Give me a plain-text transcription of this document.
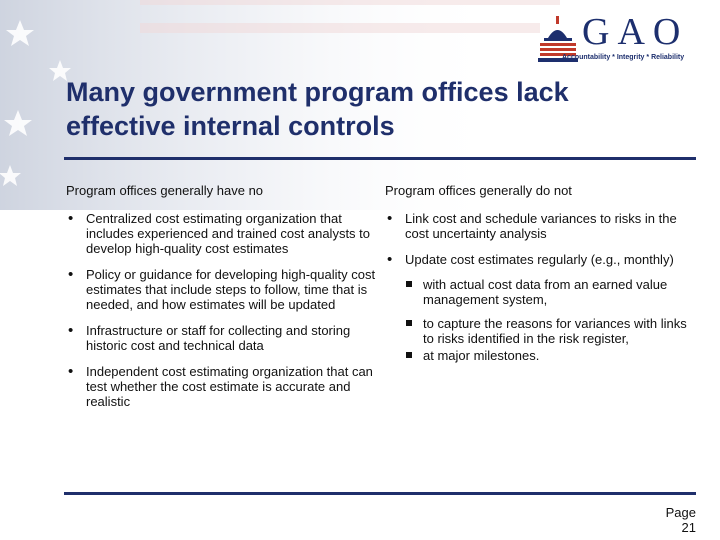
GAO
Accountability * Integrity * Reliability
Many government program offices lack effective internal controls
Program offices generally have no
• Centralized cost estimating organization that includes experienced and trained cost analysts to develop high-quality cost estimates
• Policy or guidance for developing high-quality cost estimates that include steps to follow, time that is needed, and how estimates will be updated
• Infrastructure or staff for collecting and storing historic cost and technical data
• Independent cost estimating organization that can test whether the cost estimate is accurate and realistic
Program offices generally do not
• Link cost and schedule variances to risks in the cost uncertainty analysis
• Update cost estimates regularly (e.g., monthly)
with actual cost data from an earned value management system,
to capture the reasons for variances with links to risks identified in the risk register,
at major milestones.
Page
21
